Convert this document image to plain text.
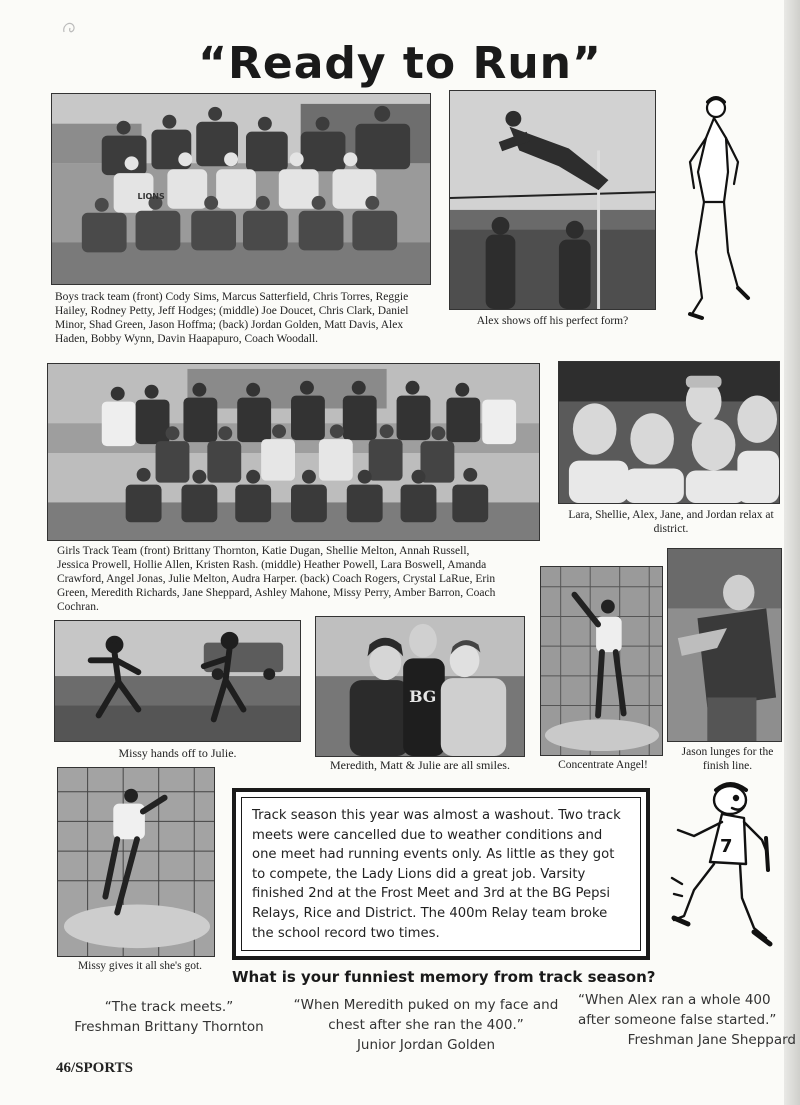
“Ready to Run”
LIONS
Boys track team (front) Cody Sims, Marcus Satterfield, Chris Torres, Reggie Hailey, Rodney Petty, Jeff Hodges; (middle) Joe Doucet, Chris Clark, Daniel Minor, Shad Green, Jason Hoffma; (back) Jordan Golden, Matt Davis, Alex Haden, Bobby Wynn, Davin Haapapuro, Coach Woodall.
Alex shows off his perfect form?
Girls Track Team (front) Brittany Thornton, Katie Dugan, Shellie Melton, Annah Russell, Jessica Prowell, Hollie Allen, Kristen Rash. (middle) Heather Powell, Lara Boswell, Amanda Crawford, Angel Jonas, Julie Melton, Audra Harper. (back) Coach Rogers, Crystal LaRue, Erin Green, Meredith Richards, Jane Sheppard, Ashley Mahone, Missy Perry, Amber Barron, Coach Cochran.
Lara, Shellie, Alex, Jane, and Jordan relax at district.
Missy hands off to Julie.
BG
Meredith, Matt & Julie are all smiles.	Concentrate Angel!
Jason lunges for the finish line.
Missy gives it all she's got.
Track season this year was almost a washout. Two track meets were cancelled due to weather conditions and one meet had running events only. As little as they got to compete, the Lady Lions did a great job. Varsity finished 2nd at the Frost Meet and 3rd at the BG Pepsi Relays, Rice and District. The 400m Relay team broke the school record two times.
7
What is your funniest memory from track season?
“The track meets.”
Freshman Brittany Thornton
“When Meredith puked on my face and chest after she ran the 400.”
Junior Jordan Golden
“When Alex ran a whole 400 after someone false started.”
Freshman Jane Sheppard
46/SPORTS
